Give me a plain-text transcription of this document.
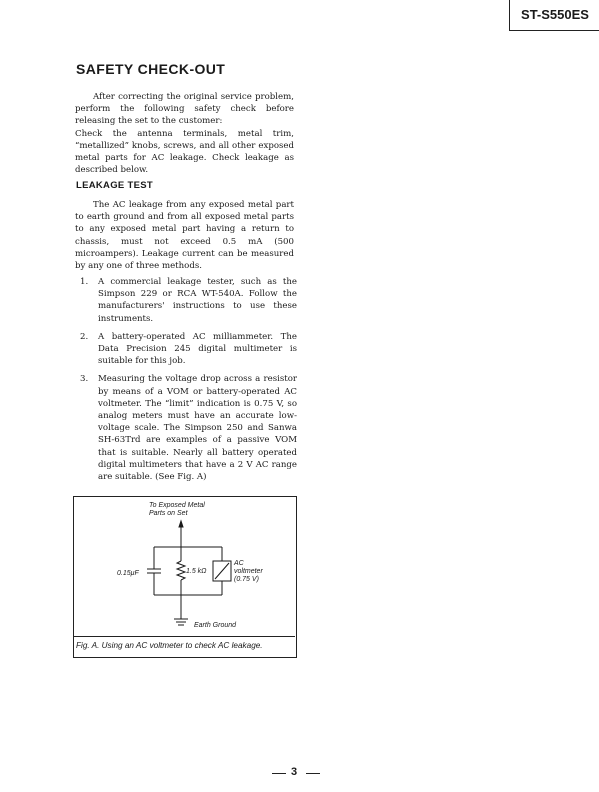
ST-S550ES
SAFETY CHECK-OUT
After correcting the original service problem, perform the following safety check before releasing the set to the customer:
Check the antenna terminals, metal trim, “metallized” knobs, screws, and all other exposed metal parts for AC leakage. Check leakage as described below.
LEAKAGE TEST
The AC leakage from any exposed metal part to earth ground and from all exposed metal parts to any exposed metal part having a return to chassis, must not exceed 0.5 mA (500 microampers). Leakage current can be measured by any one of three methods.
1. A commercial leakage tester, such as the Simpson 229 or RCA WT-540A. Follow the manufacturers' instructions to use these instruments.
2. A battery-operated AC milliammeter. The Data Precision 245 digital multimeter is suitable for this job.
3. Measuring the voltage drop across a resistor by means of a VOM or battery-operated AC voltmeter. The “limit” indication is 0.75 V, so analog meters must have an accurate low-voltage scale. The Simpson 250 and Sanwa SH-63Trd are examples of a passive VOM that is suitable. Nearly all battery operated digital multimeters that have a 2 V AC range are suitable. (See Fig. A)
To Exposed Metal
Parts on Set
0.15μF	1.5 kΩ
AC
voltmeter
(0.75 V)
Earth Ground
Fig. A. Using an AC voltmeter to check AC leakage.
3
